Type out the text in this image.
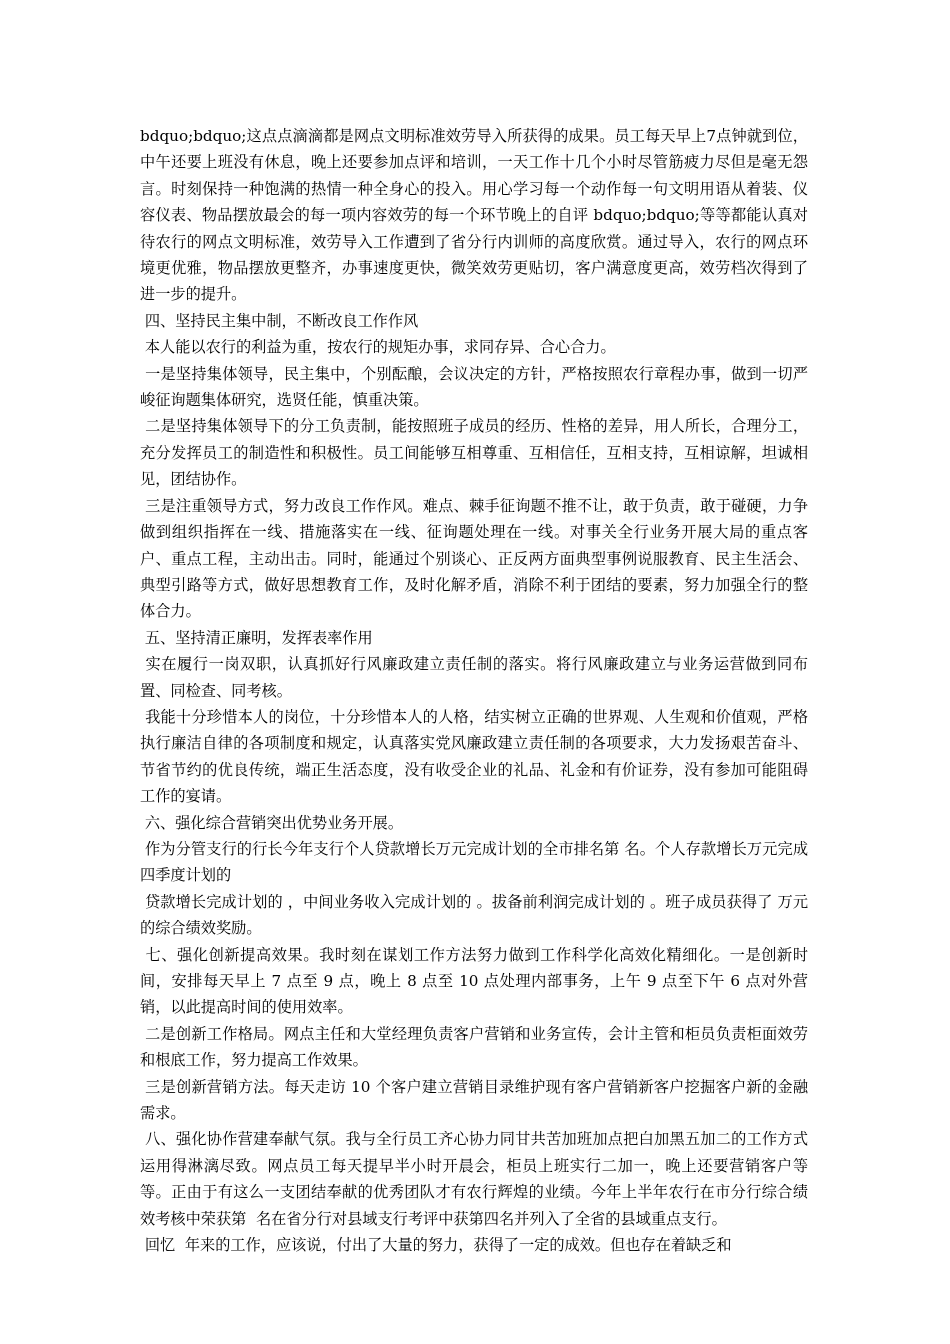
bdquo;bdquo;这点点滴滴都是网点文明标准效劳导入所获得的成果。员工每天早上7点钟就到位，中午还要上班没有休息，晚上还要参加点评和培训，一天工作十几个小时尽管筋疲力尽但是毫无怨言。时刻保持一种饱满的热情一种全身心的投入。用心学习每一个动作每一句文明用语从着装、仪容仪表、物品摆放最会的每一项内容效劳的每一个环节晚上的自评 bdquo;bdquo;等等都能认真对待农行的网点文明标准，效劳导入工作遭到了省分行内训师的高度欣赏。通过导入，农行的网点环境更优雅，物品摆放更整齐，办事速度更快，微笑效劳更贴切，客户满意度更高，效劳档次得到了进一步的提升。

四、坚持民主集中制，不断改良工作作风

本人能以农行的利益为重，按农行的规矩办事，求同存异、合心合力。

一是坚持集体领导，民主集中，个别酝酿，会议决定的方针，严格按照农行章程办事，做到一切严峻征询题集体研究，选贤任能，慎重决策。

二是坚持集体领导下的分工负责制，能按照班子成员的经历、性格的差异，用人所长，合理分工，充分发挥员工的制造性和积极性。员工间能够互相尊重、互相信任，互相支持，互相谅解，坦诚相见，团结协作。

三是注重领导方式，努力改良工作作风。难点、棘手征询题不推不让，敢于负责，敢于碰硬，力争做到组织指挥在一线、措施落实在一线、征询题处理在一线。对事关全行业务开展大局的重点客户、重点工程，主动出击。同时，能通过个别谈心、正反两方面典型事例说服教育、民主生活会、典型引路等方式，做好思想教育工作，及时化解矛盾，消除不利于团结的要素，努力加强全行的整体合力。

五、坚持清正廉明，发挥表率作用

实在履行一岗双职，认真抓好行风廉政建立责任制的落实。将行风廉政建立与业务运营做到同布置、同检查、同考核。

我能十分珍惜本人的岗位，十分珍惜本人的人格，结实树立正确的世界观、人生观和价值观，严格执行廉洁自律的各项制度和规定，认真落实党风廉政建立责任制的各项要求，大力发扬艰苦奋斗、节省节约的优良传统，端正生活态度，没有收受企业的礼品、礼金和有价证券，没有参加可能阻碍工作的宴请。

六、强化综合营销突出优势业务开展。

作为分管支行的行长今年支行个人贷款增长万元完成计划的全市排名第 名。个人存款增长万元完成四季度计划的

贷款增长完成计划的 ，中间业务收入完成计划的 。拔备前利润完成计划的 。班子成员获得了 万元的综合绩效奖励。

七、强化创新提高效果。我时刻在谋划工作方法努力做到工作科学化高效化精细化。一是创新时间，安排每天早上 7 点至 9 点，晚上 8 点至 10 点处理内部事务，上午 9 点至下午 6 点对外营销，以此提高时间的使用效率。

二是创新工作格局。网点主任和大堂经理负责客户营销和业务宣传，会计主管和柜员负责柜面效劳和根底工作，努力提高工作效果。

三是创新营销方法。每天走访 10 个客户建立营销目录维护现有客户营销新客户挖掘客户新的金融需求。

八、强化协作营建奉献气氛。我与全行员工齐心协力同甘共苦加班加点把白加黑五加二的工作方式运用得淋漓尽致。网点员工每天提早半小时开晨会，柜员上班实行二加一，晚上还要营销客户等等。正由于有这么一支团结奉献的优秀团队才有农行辉煌的业绩。今年上半年农行在市分行综合绩效考核中荣获第  名在省分行对县域支行考评中获第四名并列入了全省的县域重点支行。

回忆  年来的工作，应该说，付出了大量的努力，获得了一定的成效。但也存在着缺乏和
